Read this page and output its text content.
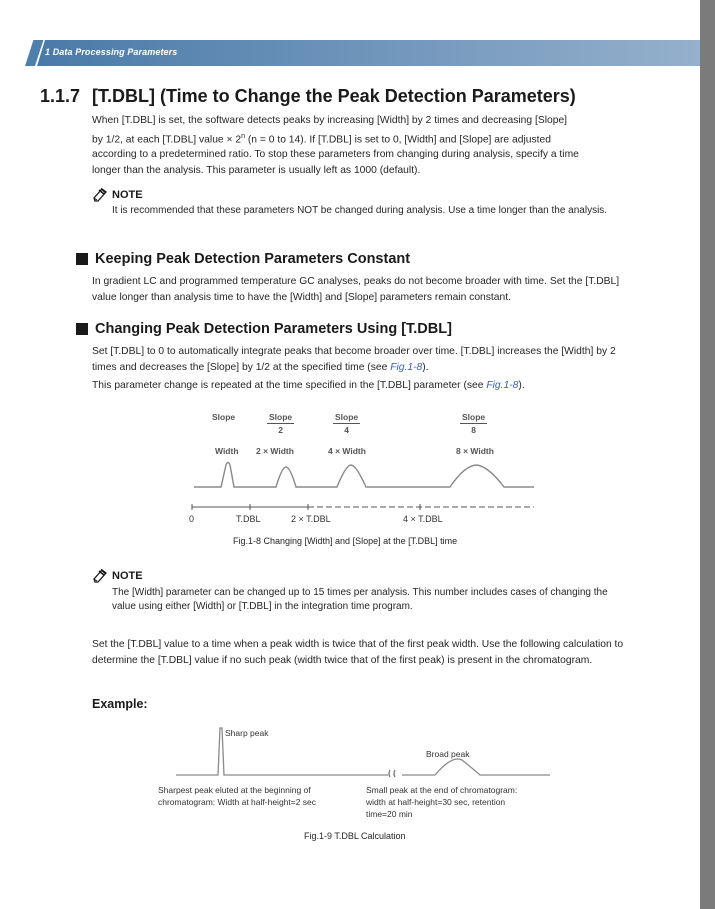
1 Data Processing Parameters
1.1.7 [T.DBL] (Time to Change the Peak Detection Parameters)
When [T.DBL] is set, the software detects peaks by increasing [Width] by 2 times and decreasing [Slope]
by 1/2, at each [T.DBL] value × $2^n$ (n = 0 to 14). If [T.DBL] is set to 0, [Width] and [Slope] are adjusted
according to a predetermined ratio. To stop these parameters from changing during analysis, specify a time
longer than the analysis. This parameter is usually left as 1000 (default).
NOTE
It is recommended that these parameters NOT be changed during analysis. Use a time longer than the analysis.
Keeping Peak Detection Parameters Constant
In gradient LC and programmed temperature GC analyses, peaks do not become broader with time. Set the [T.DBL] value longer than analysis time to have the [Width] and [Slope] parameters remain constant.
Changing Peak Detection Parameters Using [T.DBL]
Set [T.DBL] to 0 to automatically integrate peaks that become broader over time. [T.DBL] increases the [Width] by 2 times and decreases the [Slope] by 1/2 at the specified time (see Fig.1-8).
This parameter change is repeated at the time specified in the [T.DBL] parameter (see Fig.1-8).
Slope	Slope
2
Slope
4
Slope
8
Width 2 × Width	4 × Width	8 × Width
0	T.DBL	2 × T.DBL	4 × T.DBL
Fig.1-8 Changing [Width] and [Slope] at the [T.DBL] time
NOTE
The [Width] parameter can be changed up to 15 times per analysis. This number includes cases of changing the value using either [Width] or [T.DBL] in the integration time program.
Set the [T.DBL] value to a time when a peak width is twice that of the first peak width. Use the following calculation to determine the [T.DBL] value if no such peak (width twice that of the first peak) is present in the chromatogram.
Example:
Sharp peak
Broad peak
Sharpest peak eluted at the beginning of
chromatogram: Width at half-height=2 sec
Small peak at the end of chromatogram:
width at half-height=30 sec, retention
time=20 min
Fig.1-9 T.DBL Calculation
